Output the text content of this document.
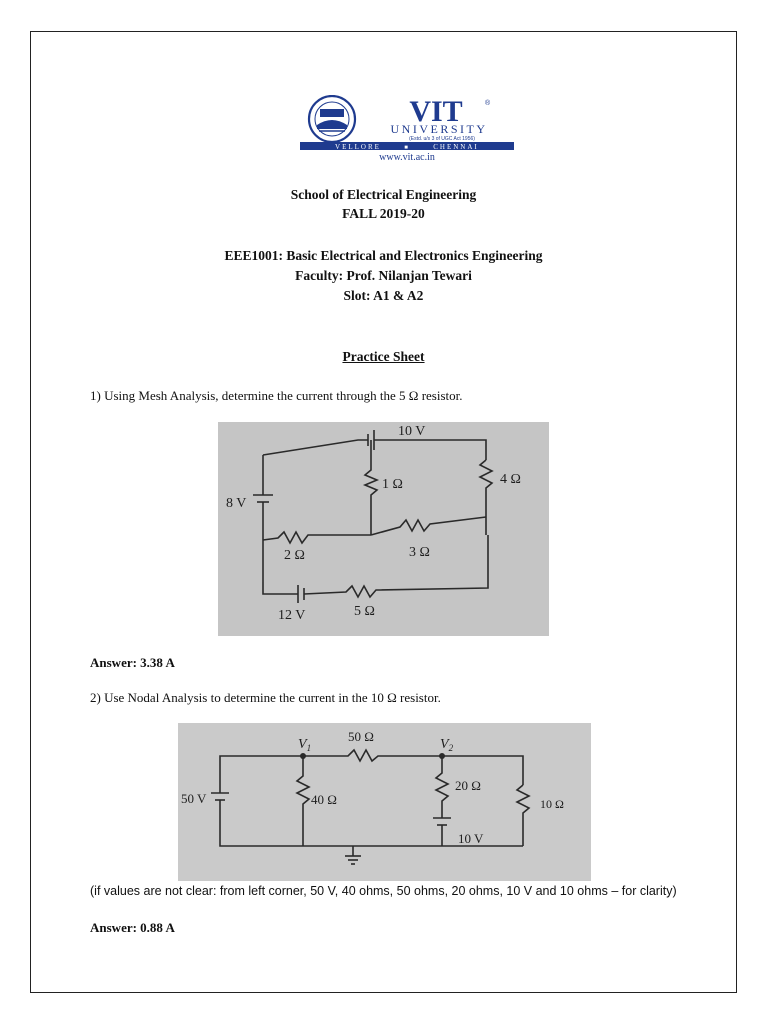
VIT	®
UNIVERSITY
(Estd. u/s 3 of UGC Act 1956)
VELLORE	■	CHENNAI
www.vit.ac.in
School of Electrical Engineering
FALL 2019-20
EEE1001: Basic Electrical and Electronics Engineering
Faculty: Prof. Nilanjan Tewari
Slot: A1 & A2
Practice Sheet
1) Using Mesh Analysis, determine the current through the 5 Ω resistor.
10 V
1 Ω	4 Ω
8 V
2 Ω	3 Ω
12 V	5 Ω
Answer: 3.38 A
2) Use Nodal Analysis to determine the current in the 10 Ω resistor.
$V_1$	$V_2$
50 Ω
50 V	40 Ω
20 Ω
10 V
10 Ω
(if values are not clear: from left corner, 50 V, 40 ohms, 50 ohms, 20 ohms, 10 V and 10 ohms – for clarity)
Answer: 0.88 A
